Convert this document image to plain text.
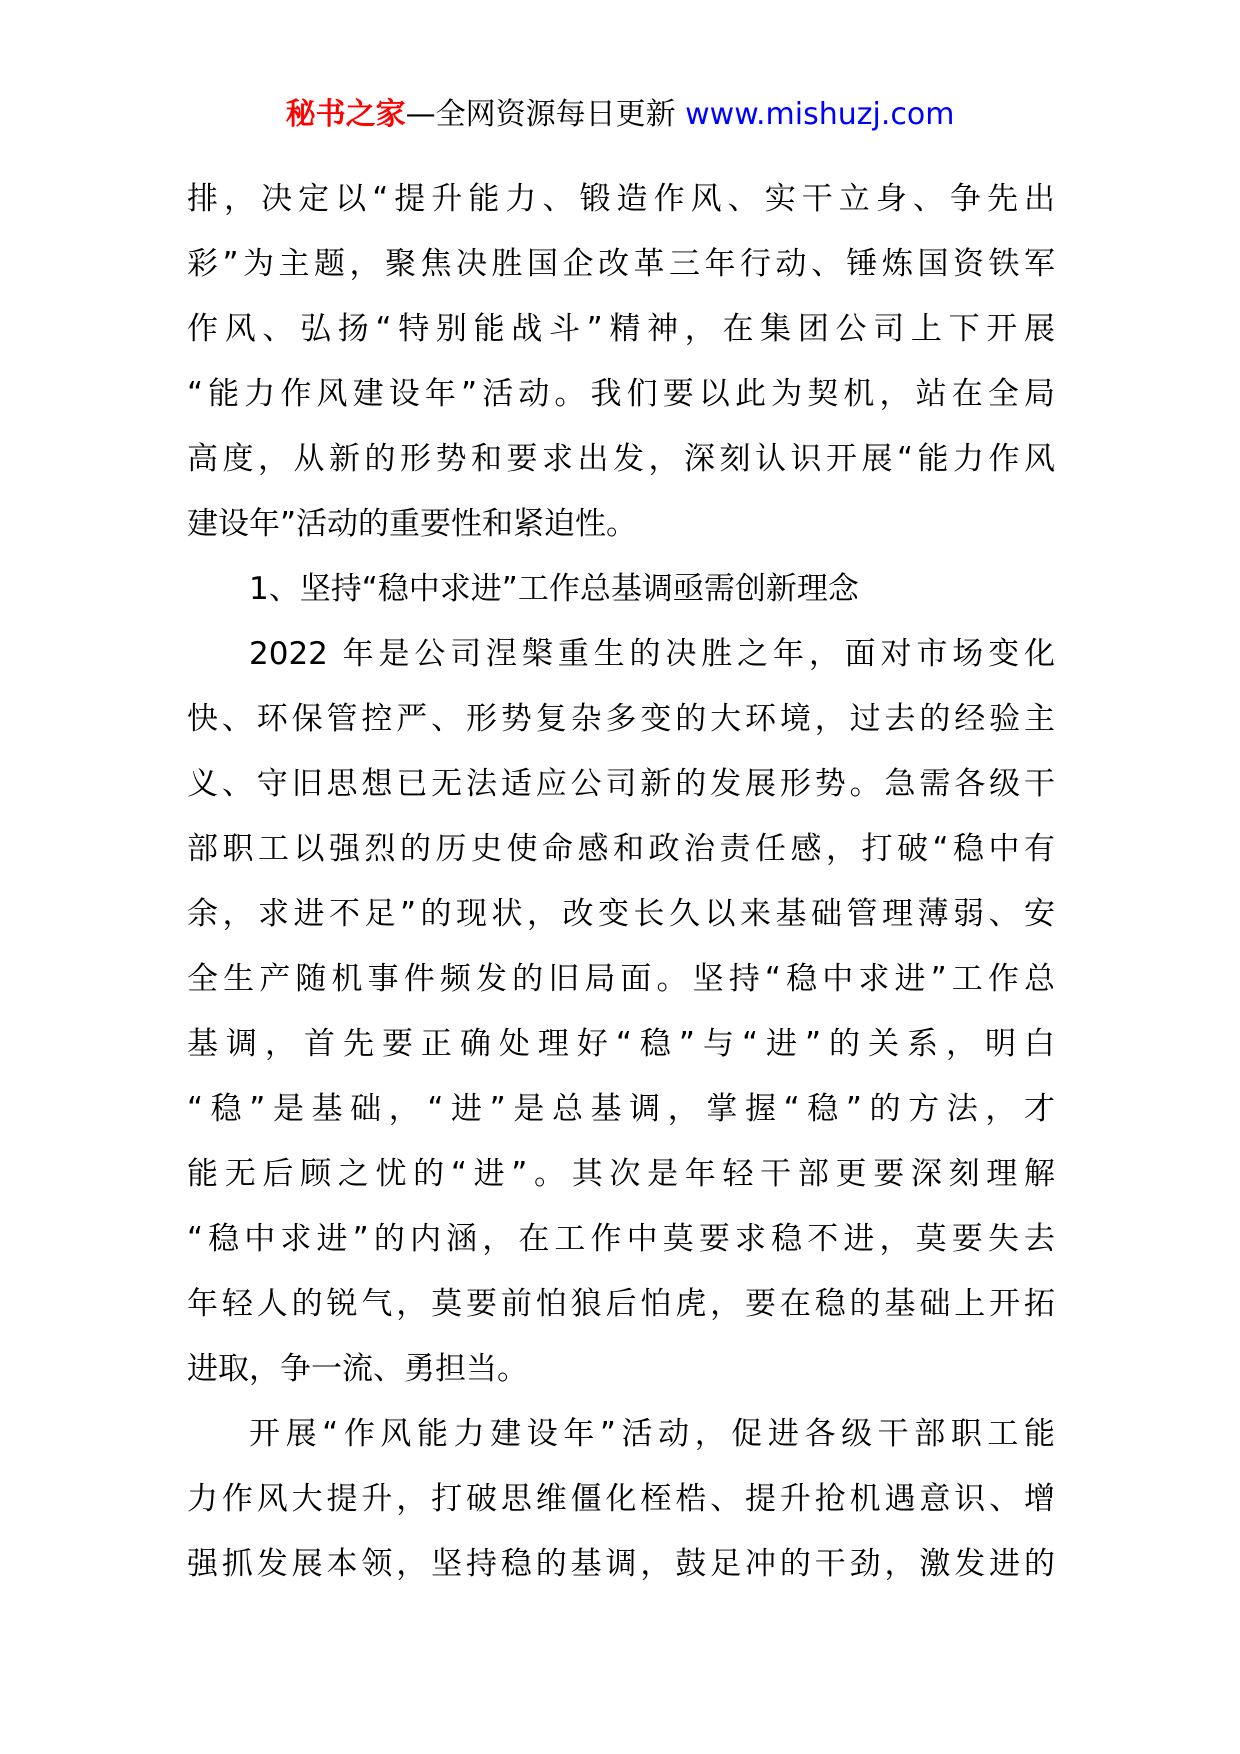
秘书之家—全网资源每日更新 www.mishuzj.com
排，决定以“提升能力、锻造作风、实干立身、争先出
彩”为主题，聚焦决胜国企改革三年行动、锤炼国资铁军
作风、弘扬“特别能战斗”精神，在集团公司上下开展
“能力作风建设年”活动。我们要以此为契机，站在全局
高度，从新的形势和要求出发，深刻认识开展“能力作风
建设年”活动的重要性和紧迫性。
1、坚持“稳中求进”工作总基调亟需创新理念
2022 年是公司涅槃重生的决胜之年，面对市场变化
快、环保管控严、形势复杂多变的大环境，过去的经验主
义、守旧思想已无法适应公司新的发展形势。急需各级干
部职工以强烈的历史使命感和政治责任感，打破“稳中有
余，求进不足”的现状，改变长久以来基础管理薄弱、安
全生产随机事件频发的旧局面。坚持“稳中求进”工作总
基调，首先要正确处理好“稳”与“进”的关系，明白
“稳”是基础，“进”是总基调，掌握“稳”的方法，才
能无后顾之忧的“进”。其次是年轻干部更要深刻理解
“稳中求进”的内涵，在工作中莫要求稳不进，莫要失去
年轻人的锐气，莫要前怕狼后怕虎，要在稳的基础上开拓
进取，争一流、勇担当。
开展“作风能力建设年”活动，促进各级干部职工能
力作风大提升，打破思维僵化桎梏、提升抢机遇意识、增
强抓发展本领，坚持稳的基调，鼓足冲的干劲，激发进的
